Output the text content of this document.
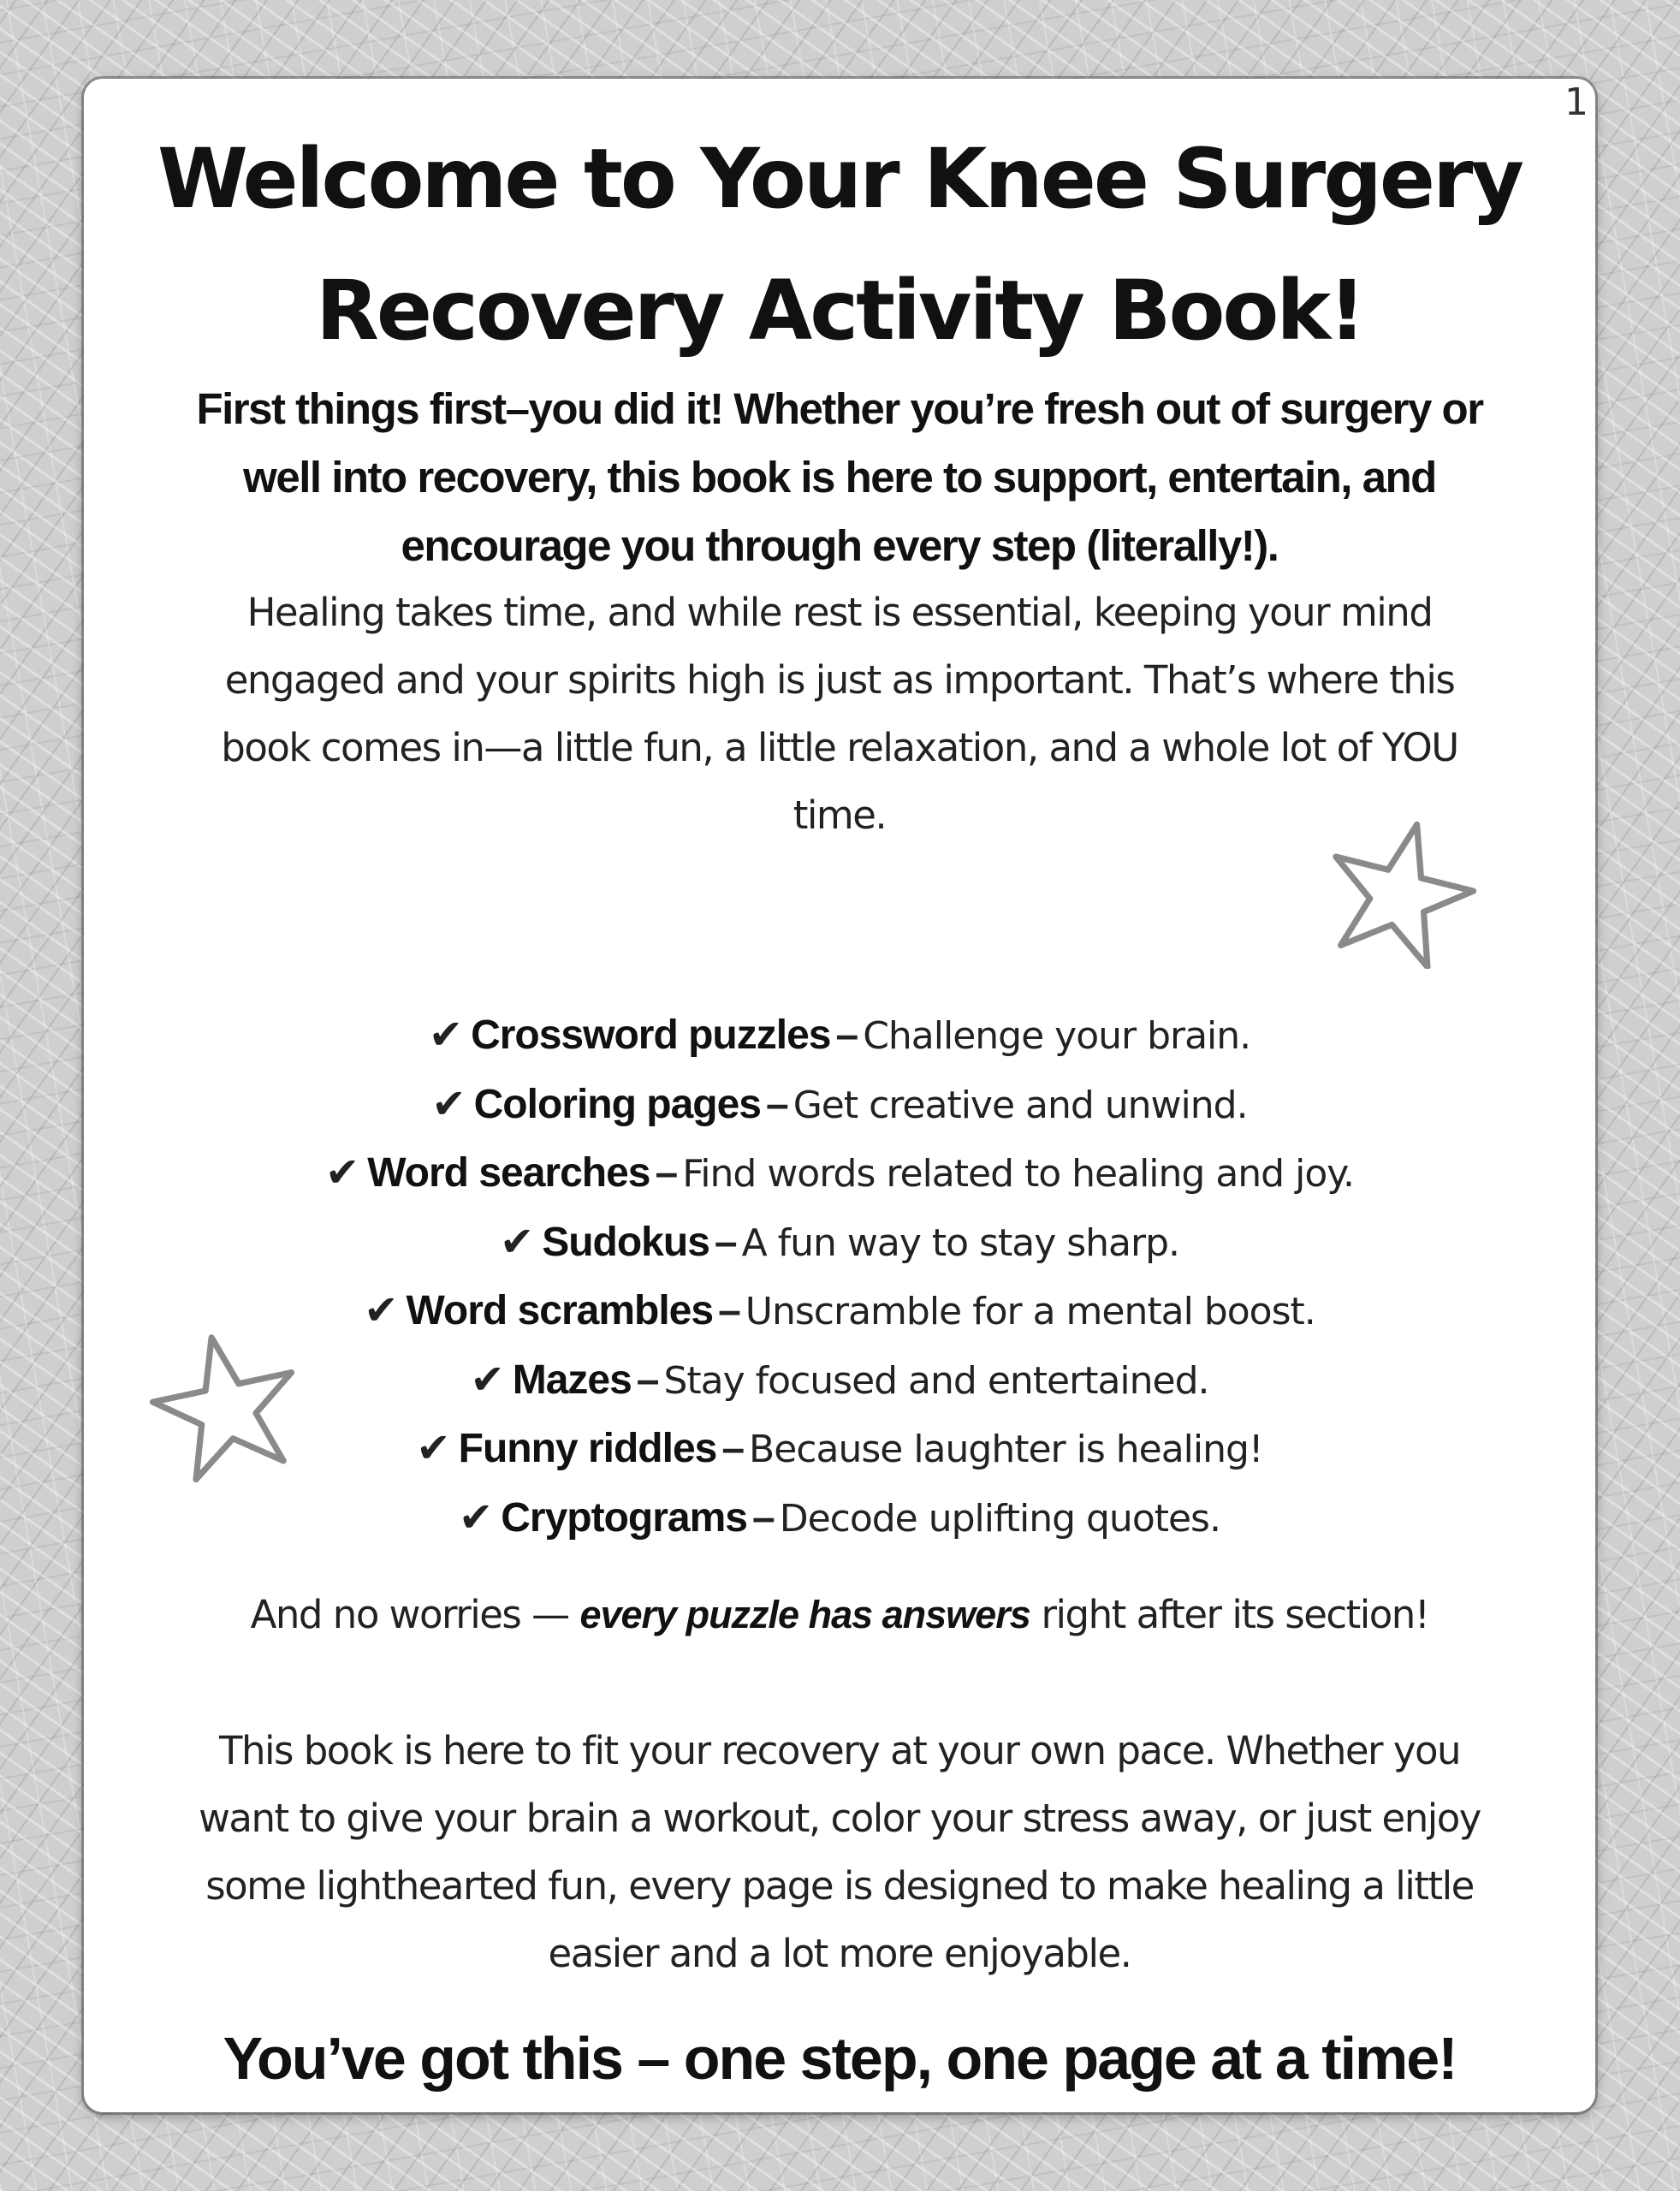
1
Welcome to Your Knee Surgery
Recovery Activity Book!

First things first–you did it! Whether you’re fresh out of surgery or
well into recovery, this book is here to support, entertain, and
encourage you through every step (literally!).

Healing takes time, and while rest is essential, keeping your mind
engaged and your spirits high is just as important. That’s where this
book comes in—a little fun, a little relaxation, and a whole lot of YOU
time.

✔ Crossword puzzles – Challenge your brain.
✔ Coloring pages – Get creative and unwind.
✔ Word searches – Find words related to healing and joy.
✔ Sudokus – A fun way to stay sharp.
✔ Word scrambles – Unscramble for a mental boost.
✔ Mazes – Stay focused and entertained.
✔ Funny riddles – Because laughter is healing!
✔ Cryptograms – Decode uplifting quotes.

And no worries — every puzzle has answers right after its section!

This book is here to fit your recovery at your own pace. Whether you
want to give your brain a workout, color your stress away, or just enjoy
some lighthearted fun, every page is designed to make healing a little
easier and a lot more enjoyable.

You’ve got this – one step, one page at a time!
